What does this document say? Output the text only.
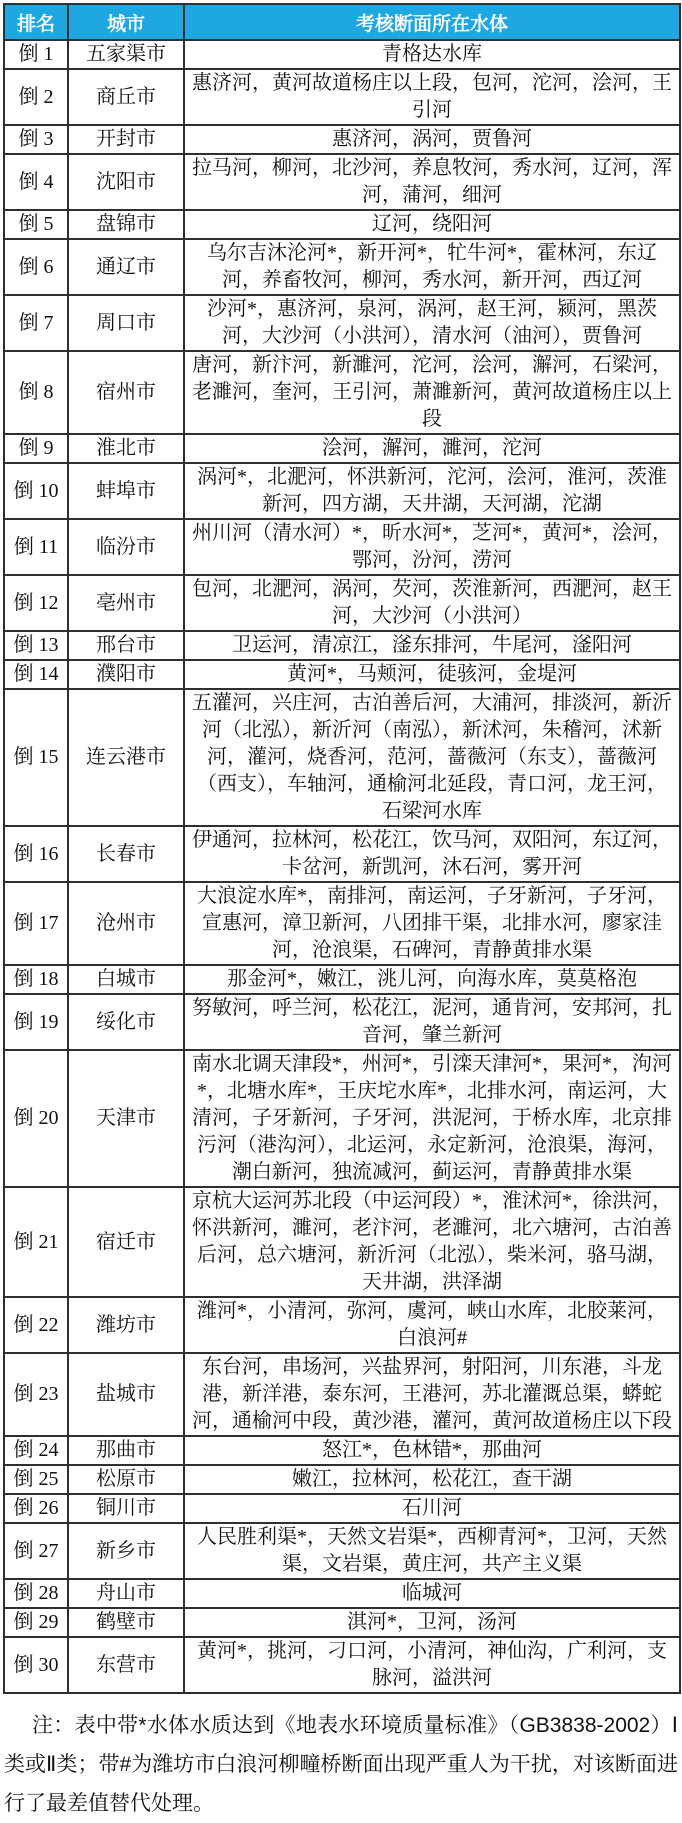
排名	城市	考核断面所在水体
倒 1	五家渠市	青格达水库
倒 2	商丘市	惠济河，黄河故道杨庄以上段，包河，沱河，浍河，王引河
倒 3	开封市	惠济河，涡河，贾鲁河
倒 4	沈阳市	拉马河，柳河，北沙河，养息牧河，秀水河，辽河，浑河，蒲河，细河
倒 5	盘锦市	辽河，绕阳河
倒 6	通辽市	乌尔吉沐沦河*，新开河*，牤牛河*，霍林河，东辽河，养畜牧河，柳河，秀水河，新开河，西辽河
倒 7	周口市	沙河*，惠济河，泉河，涡河，赵王河，颍河，黑茨河，大沙河（小洪河），清水河（油河），贾鲁河
倒 8	宿州市	唐河，新汴河，新濉河，沱河，浍河，澥河，石梁河，老濉河，奎河，王引河，萧濉新河，黄河故道杨庄以上段
倒 9	淮北市	浍河，澥河，濉河，沱河
倒 10	蚌埠市	涡河*，北淝河，怀洪新河，沱河，浍河，淮河，茨淮新河，四方湖，天井湖，天河湖，沱湖
倒 11	临汾市	州川河（清水河）*，昕水河*，芝河*，黄河*，浍河，鄂河，汾河，涝河
倒 12	亳州市	包河，北淝河，涡河，芡河，茨淮新河，西淝河，赵王河，大沙河（小洪河）
倒 13	邢台市	卫运河，清凉江，滏东排河，牛尾河，滏阳河
倒 14	濮阳市	黄河*，马颊河，徒骇河，金堤河
倒 15	连云港市	五灌河，兴庄河，古泊善后河，大浦河，排淡河，新沂河（北泓），新沂河（南泓），新沭河，朱稽河，沭新河，灌河，烧香河，范河，蔷薇河（东支），蔷薇河（西支），车轴河，通榆河北延段，青口河，龙王河，石梁河水库
倒 16	长春市	伊通河，拉林河，松花江，饮马河，双阳河，东辽河，卡岔河，新凯河，沐石河，雾开河
倒 17	沧州市	大浪淀水库*，南排河，南运河，子牙新河，子牙河，宣惠河，漳卫新河，八团排干渠，北排水河，廖家洼河，沧浪渠，石碑河，青静黄排水渠
倒 18	白城市	那金河*，嫩江，洮儿河，向海水库，莫莫格泡
倒 19	绥化市	努敏河，呼兰河，松花江，泥河，通肯河，安邦河，扎音河，肇兰新河
倒 20	天津市	南水北调天津段*，州河*，引滦天津河*，果河*，泃河*，北塘水库*，王庆坨水库*，北排水河，南运河，大清河，子牙新河，子牙河，洪泥河，于桥水库，北京排污河（港沟河），北运河，永定新河，沧浪渠，海河，潮白新河，独流减河，蓟运河，青静黄排水渠
倒 21	宿迁市	京杭大运河苏北段（中运河段）*，淮沭河*，徐洪河，怀洪新河，濉河，老汴河，老濉河，北六塘河，古泊善后河，总六塘河，新沂河（北泓），柴米河，骆马湖，天井湖，洪泽湖
倒 22	潍坊市	潍河*，小清河，弥河，虞河，峡山水库，北胶莱河，白浪河#
倒 23	盐城市	东台河，串场河，兴盐界河，射阳河，川东港，斗龙港，新洋港，泰东河，王港河，苏北灌溉总渠，蟒蛇河，通榆河中段，黄沙港，灌河，黄河故道杨庄以下段
倒 24	那曲市	怒江*，色林错*，那曲河
倒 25	松原市	嫩江，拉林河，松花江，查干湖
倒 26	铜川市	石川河
倒 27	新乡市	人民胜利渠*，天然文岩渠*，西柳青河*，卫河，天然渠，文岩渠，黄庄河，共产主义渠
倒 28	舟山市	临城河
倒 29	鹤壁市	淇河*，卫河，汤河
倒 30	东营市	黄河*，挑河，刁口河，小清河，神仙沟，广利河，支脉河，溢洪河

注：表中带*水体水质达到《地表水环境质量标准》（GB3838-2002）Ⅰ类或Ⅱ类；带#为潍坊市白浪河柳疃桥断面出现严重人为干扰，对该断面进行了最差值替代处理。
